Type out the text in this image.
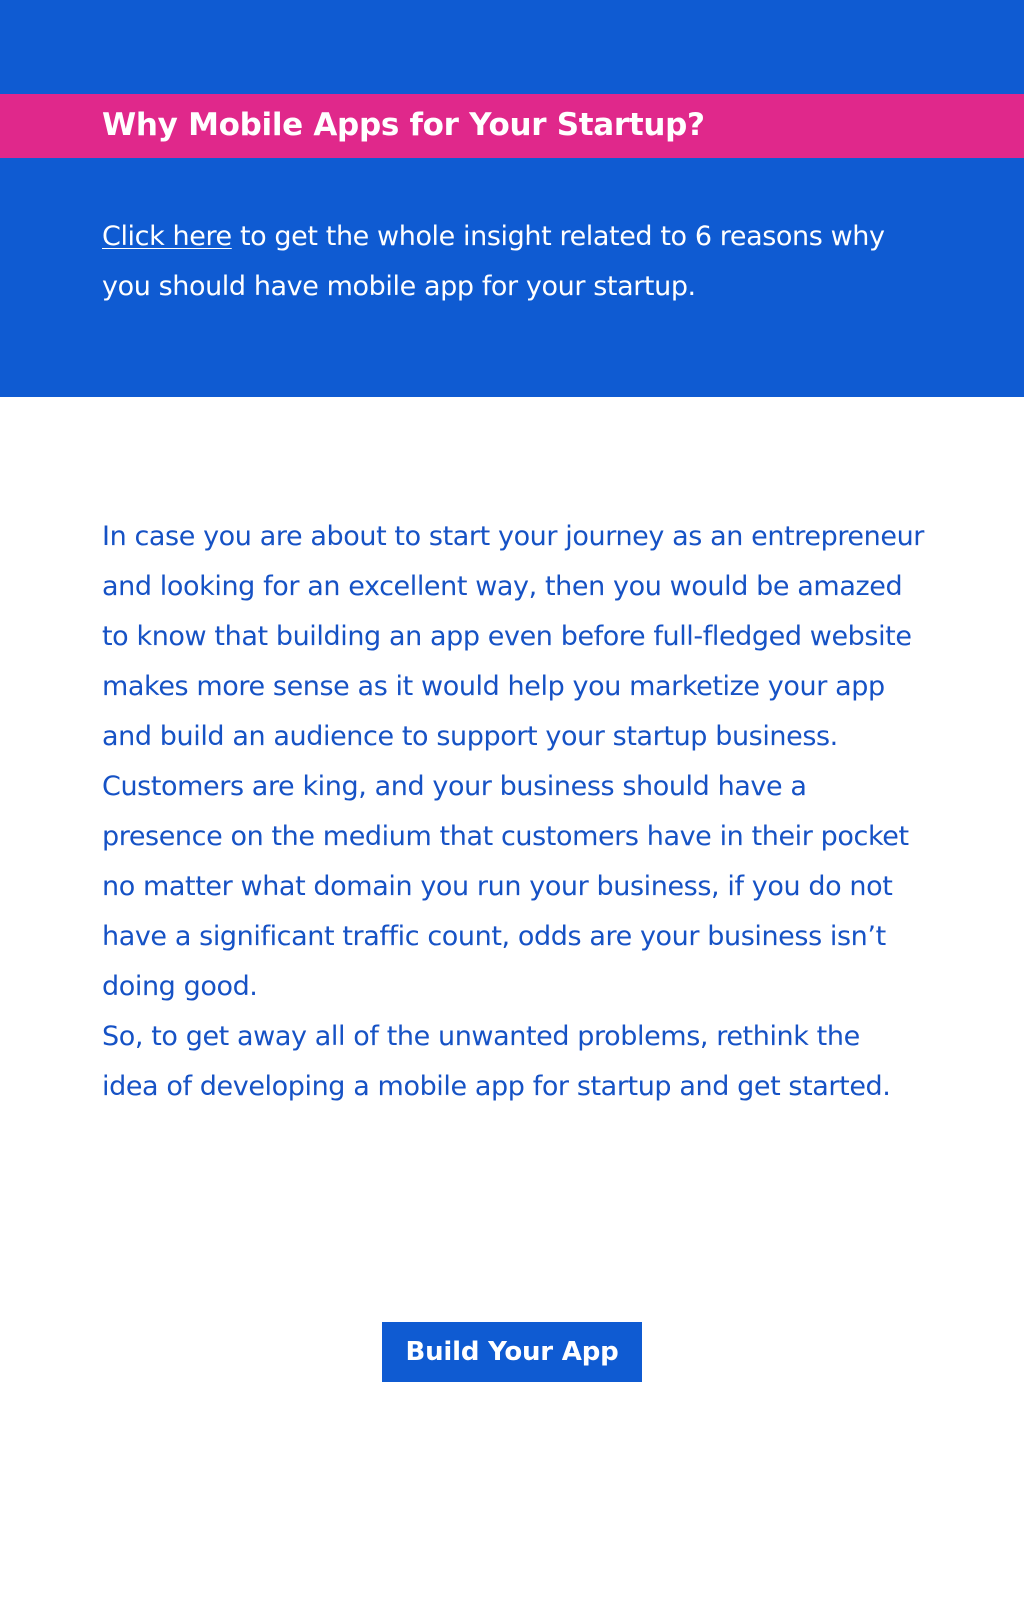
Why Mobile Apps for Your Startup?

Click here to get the whole insight related to 6 reasons why you should have mobile app for your startup.

In case you are about to start your journey as an entrepreneur and looking for an excellent way, then you would be amazed to know that building an app even before full-fledged website makes more sense as it would help you marketize your app and build an audience to support your startup business.

Customers are king, and your business should have a presence on the medium that customers have in their pocket no matter what domain you run your business, if you do not have a significant traffic count, odds are your business isn’t doing good.

So, to get away all of the unwanted problems, rethink the idea of developing a mobile app for startup and get started.

Build Your App
